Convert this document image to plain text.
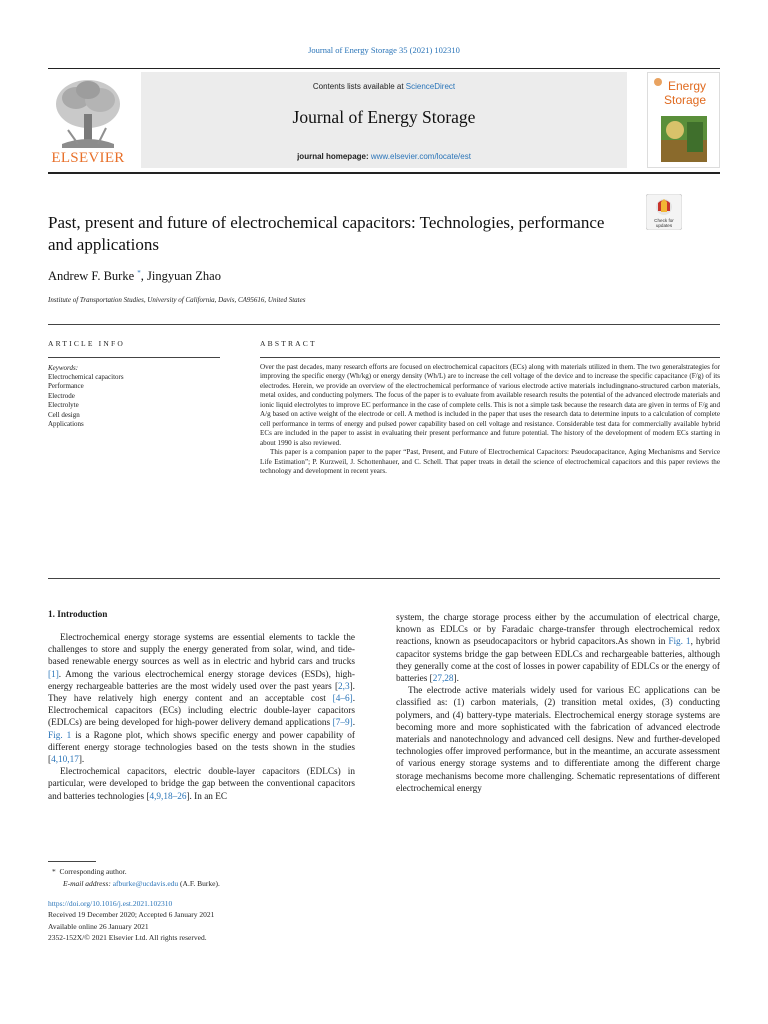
Journal of Energy Storage 35 (2021) 102310
ELSEVIER
Contents lists available at ScienceDirect
Journal of Energy Storage
journal homepage: www.elsevier.com/locate/est
Energy
Storage
Check for
updates
Past, present and future of electrochemical capacitors: Technologies, performance and applications
Andrew F. Burke *, Jingyuan Zhao
Institute of Transportation Studies, University of California, Davis, CA95616, United States
ARTICLE INFO	ABSTRACT
Keywords:
Electrochemical capacitors
Performance
Electrode
Electrolyte
Cell design
Applications

Over the past decades, many research efforts are focused on electrochemical capacitors (ECs) along with materials utilized in them. The two generalstrategies for improving the specific energy (Wh/kg) or energy density (Wh/L) are to increase the cell voltage of the device and to increase the specific capacitance (F/g) of its electrodes. Herein, we provide an overview of the electrochemical performance of various electrode active materials includingnano-structured carbon materials, metal oxides, and conducting polymers. The focus of the paper is to evaluate from available research results the potential of the advanced electrode materials and ionic liquid electrolytes to improve EC performance in the case of complete cells. This is not a simple task because the research data are given in terms of F/g and A/g based on active weight of the electrode or cell. A method is included in the paper that uses the research data to determine inputs to a calculation of complete cell performance in terms of energy and pulsed power capability based on cell voltage and resistance. Considerable test data for commercially available hybrid ECs are included in the paper to assist in evaluating their present performance and future potential. The history of the development of modern ECs starting in about 1990 is also reviewed.

This paper is a companion paper to the paper “Past, Present, and Future of Electrochemical Capacitors: Pseudocapacitance, Aging Mechanisms and Service Life Estimation”; P. Kurzweil, J. Schottenhauer, and C. Schell. That paper treats in detail the science of electrochemical capacitors and this paper reviews the technology and development in recent years.

1. Introduction

Electrochemical energy storage systems are essential elements to tackle the challenges to store and supply the energy generated from solar, wind, and tide-based renewable energy sources as well as in electric and hybrid cars and trucks [1]. Among the various electrochemical energy storage devices (ESDs), high-energy rechargeable batteries are the most widely used over the past years [2,3]. They have relatively high energy content and an acceptable cost [4–6]. Electrochemical capacitors (ECs) including electric double-layer capacitors (EDLCs) are being developed for high-power delivery demand applications [7–9]. Fig. 1 is a Ragone plot, which shows specific energy and power capability of different energy storage technologies based on the tests shown in the studies [4,10,17].

Electrochemical capacitors, electric double-layer capacitors (EDLCs) in particular, were developed to bridge the gap between the conventional capacitors and batteries technologies [4,9,18–26]. In an EC

system, the charge storage process either by the accumulation of electrical charge, known as EDLCs or by Faradaic charge-transfer through electrochemical redox reactions, known as pseudocapacitors or hybrid capacitors.As shown in Fig. 1, hybrid capacitor systems bridge the gap between EDLCs and rechargeable batteries, although they generally come at the cost of losses in power capability of EDLCs or the energy of batteries [27,28].

The electrode active materials widely used for various EC applications can be classified as: (1) carbon materials, (2) transition metal oxides, (3) conducting polymers, and (4) battery-type materials. Electrochemical energy storage systems are becoming more and more sophisticated with the fabrication of advanced electrode materials and nanotechnology and advanced cell designs. New and further-developed technologies offer improved performance, but in the meantime, an accurate assessment of various energy storage systems and to differentiate among the different charge storage mechanisms become more challenging. Schematic representations of different electrochemical energy

* Corresponding author.
E-mail address: afburke@ucdavis.edu (A.F. Burke).
https://doi.org/10.1016/j.est.2021.102310
Received 19 December 2020; Accepted 6 January 2021
Available online 26 January 2021
2352-152X/© 2021 Elsevier Ltd. All rights reserved.
